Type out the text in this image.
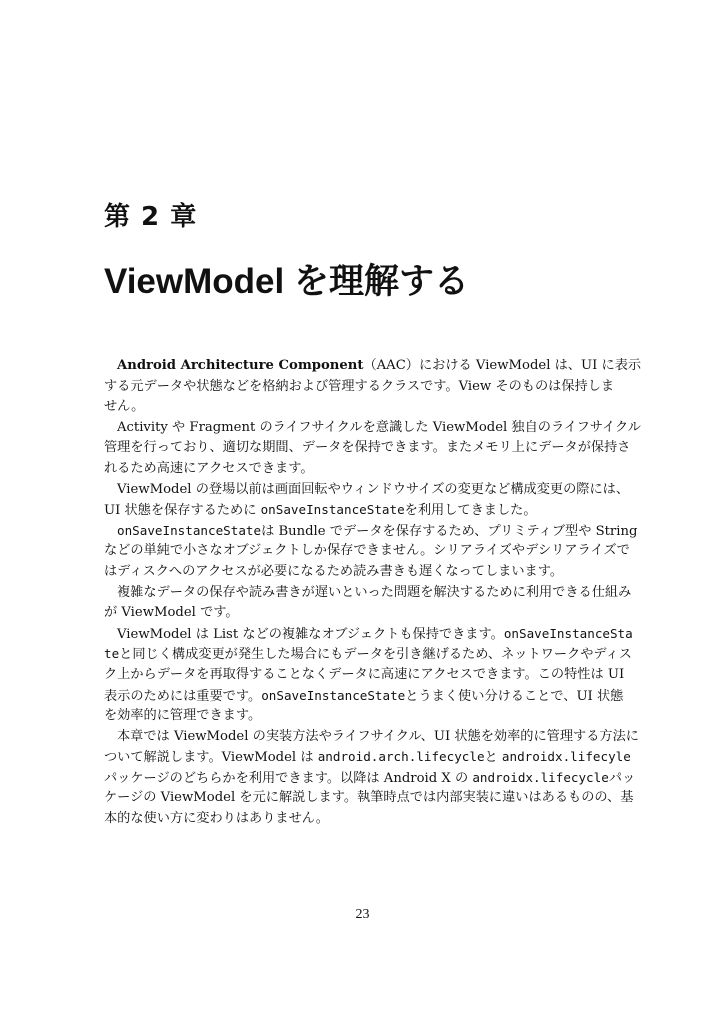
第 2 章
ViewModel を理解する
Android Architecture Component（AAC）における ViewModel は、UI に表示
する元データや状態などを格納および管理するクラスです。View そのものは保持しま
せん。
Activity や Fragment のライフサイクルを意識した ViewModel 独自のライフサイクル
管理を行っており、適切な期間、データを保持できます。またメモリ上にデータが保持さ
れるため高速にアクセスできます。
ViewModel の登場以前は画面回転やウィンドウサイズの変更など構成変更の際には、
UI 状態を保存するために onSaveInstanceStateを利用してきました。
onSaveInstanceStateは Bundle でデータを保存するため、プリミティブ型や String
などの単純で小さなオブジェクトしか保存できません。シリアライズやデシリアライズで
はディスクへのアクセスが必要になるため読み書きも遅くなってしまいます。
複雑なデータの保存や読み書きが遅いといった問題を解決するために利用できる仕組み
が ViewModel です。
ViewModel は List などの複雑なオブジェクトも保持できます。onSaveInstanceSta
teと同じく構成変更が発生した場合にもデータを引き継げるため、ネットワークやディス
ク上からデータを再取得することなくデータに高速にアクセスできます。この特性は UI
表示のためには重要です。onSaveInstanceStateとうまく使い分けることで、UI 状態
を効率的に管理できます。
本章では ViewModel の実装方法やライフサイクル、UI 状態を効率的に管理する方法に
ついて解説します。ViewModel は android.arch.lifecycleと androidx.lifecyle
パッケージのどちらかを利用できます。以降は Android X の androidx.lifecycleパッ
ケージの ViewModel を元に解説します。執筆時点では内部実装に違いはあるものの、基
本的な使い方に変わりはありません。
23
